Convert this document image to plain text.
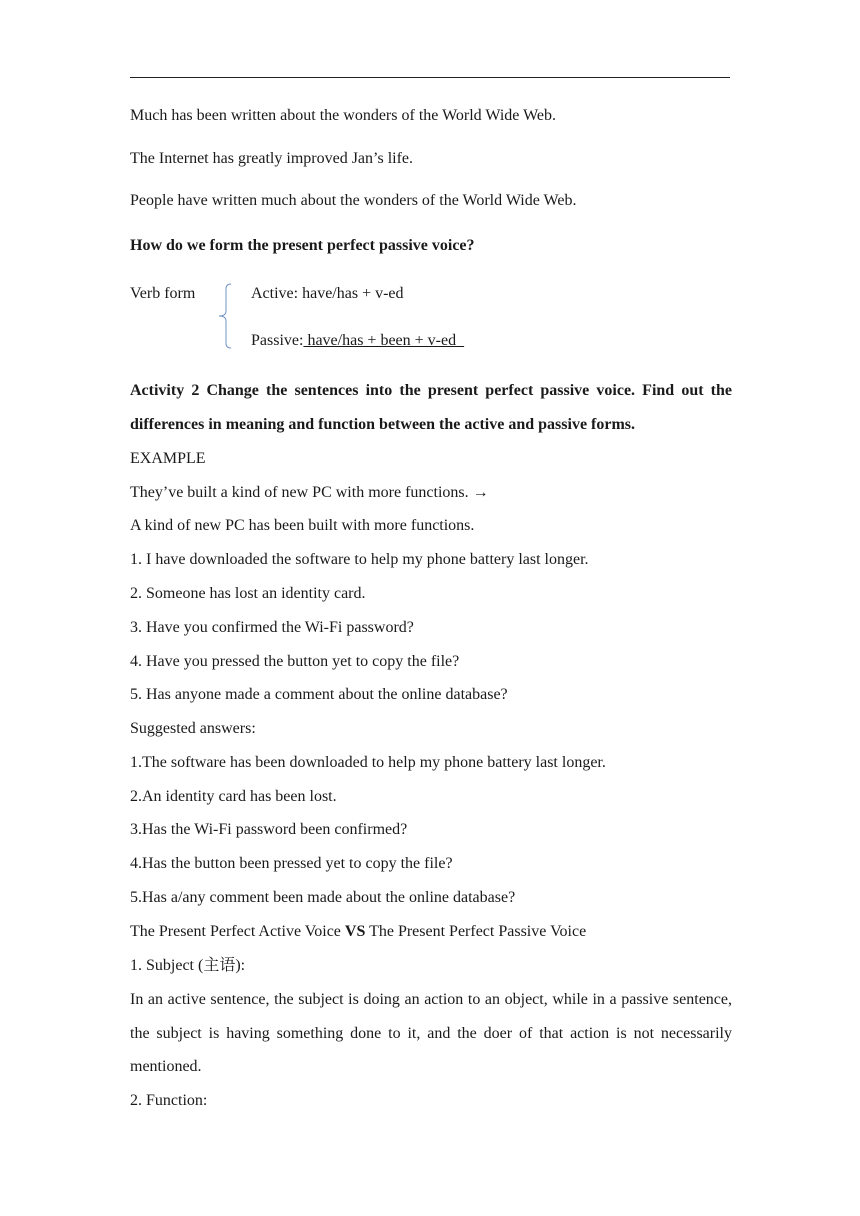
Much has been written about the wonders of the World Wide Web.
The Internet has greatly improved Jan’s life.
People have written much about the wonders of the World Wide Web.
How do we form the present perfect passive voice?
Verb form	Active: have/has + v-ed
Passive: have/has + been + v-ed
Activity 2 Change the sentences into the present perfect passive voice. Find out the differences in meaning and function between the active and passive forms.
EXAMPLE
They’ve built a kind of new PC with more functions. →
A kind of new PC has been built with more functions.
1. I have downloaded the software to help my phone battery last longer.
2. Someone has lost an identity card.
3. Have you confirmed the Wi-Fi password?
4. Have you pressed the button yet to copy the file?
5. Has anyone made a comment about the online database?
Suggested answers:
1.The software has been downloaded to help my phone battery last longer.
2.An identity card has been lost.
3.Has the Wi-Fi password been confirmed?
4.Has the button been pressed yet to copy the file?
5.Has a/any comment been made about the online database?
The Present Perfect Active Voice VS The Present Perfect Passive Voice
1. Subject (主语):
In an active sentence, the subject is doing an action to an object, while in a passive sentence, the subject is having something done to it, and the doer of that action is not necessarily mentioned.
2. Function:
